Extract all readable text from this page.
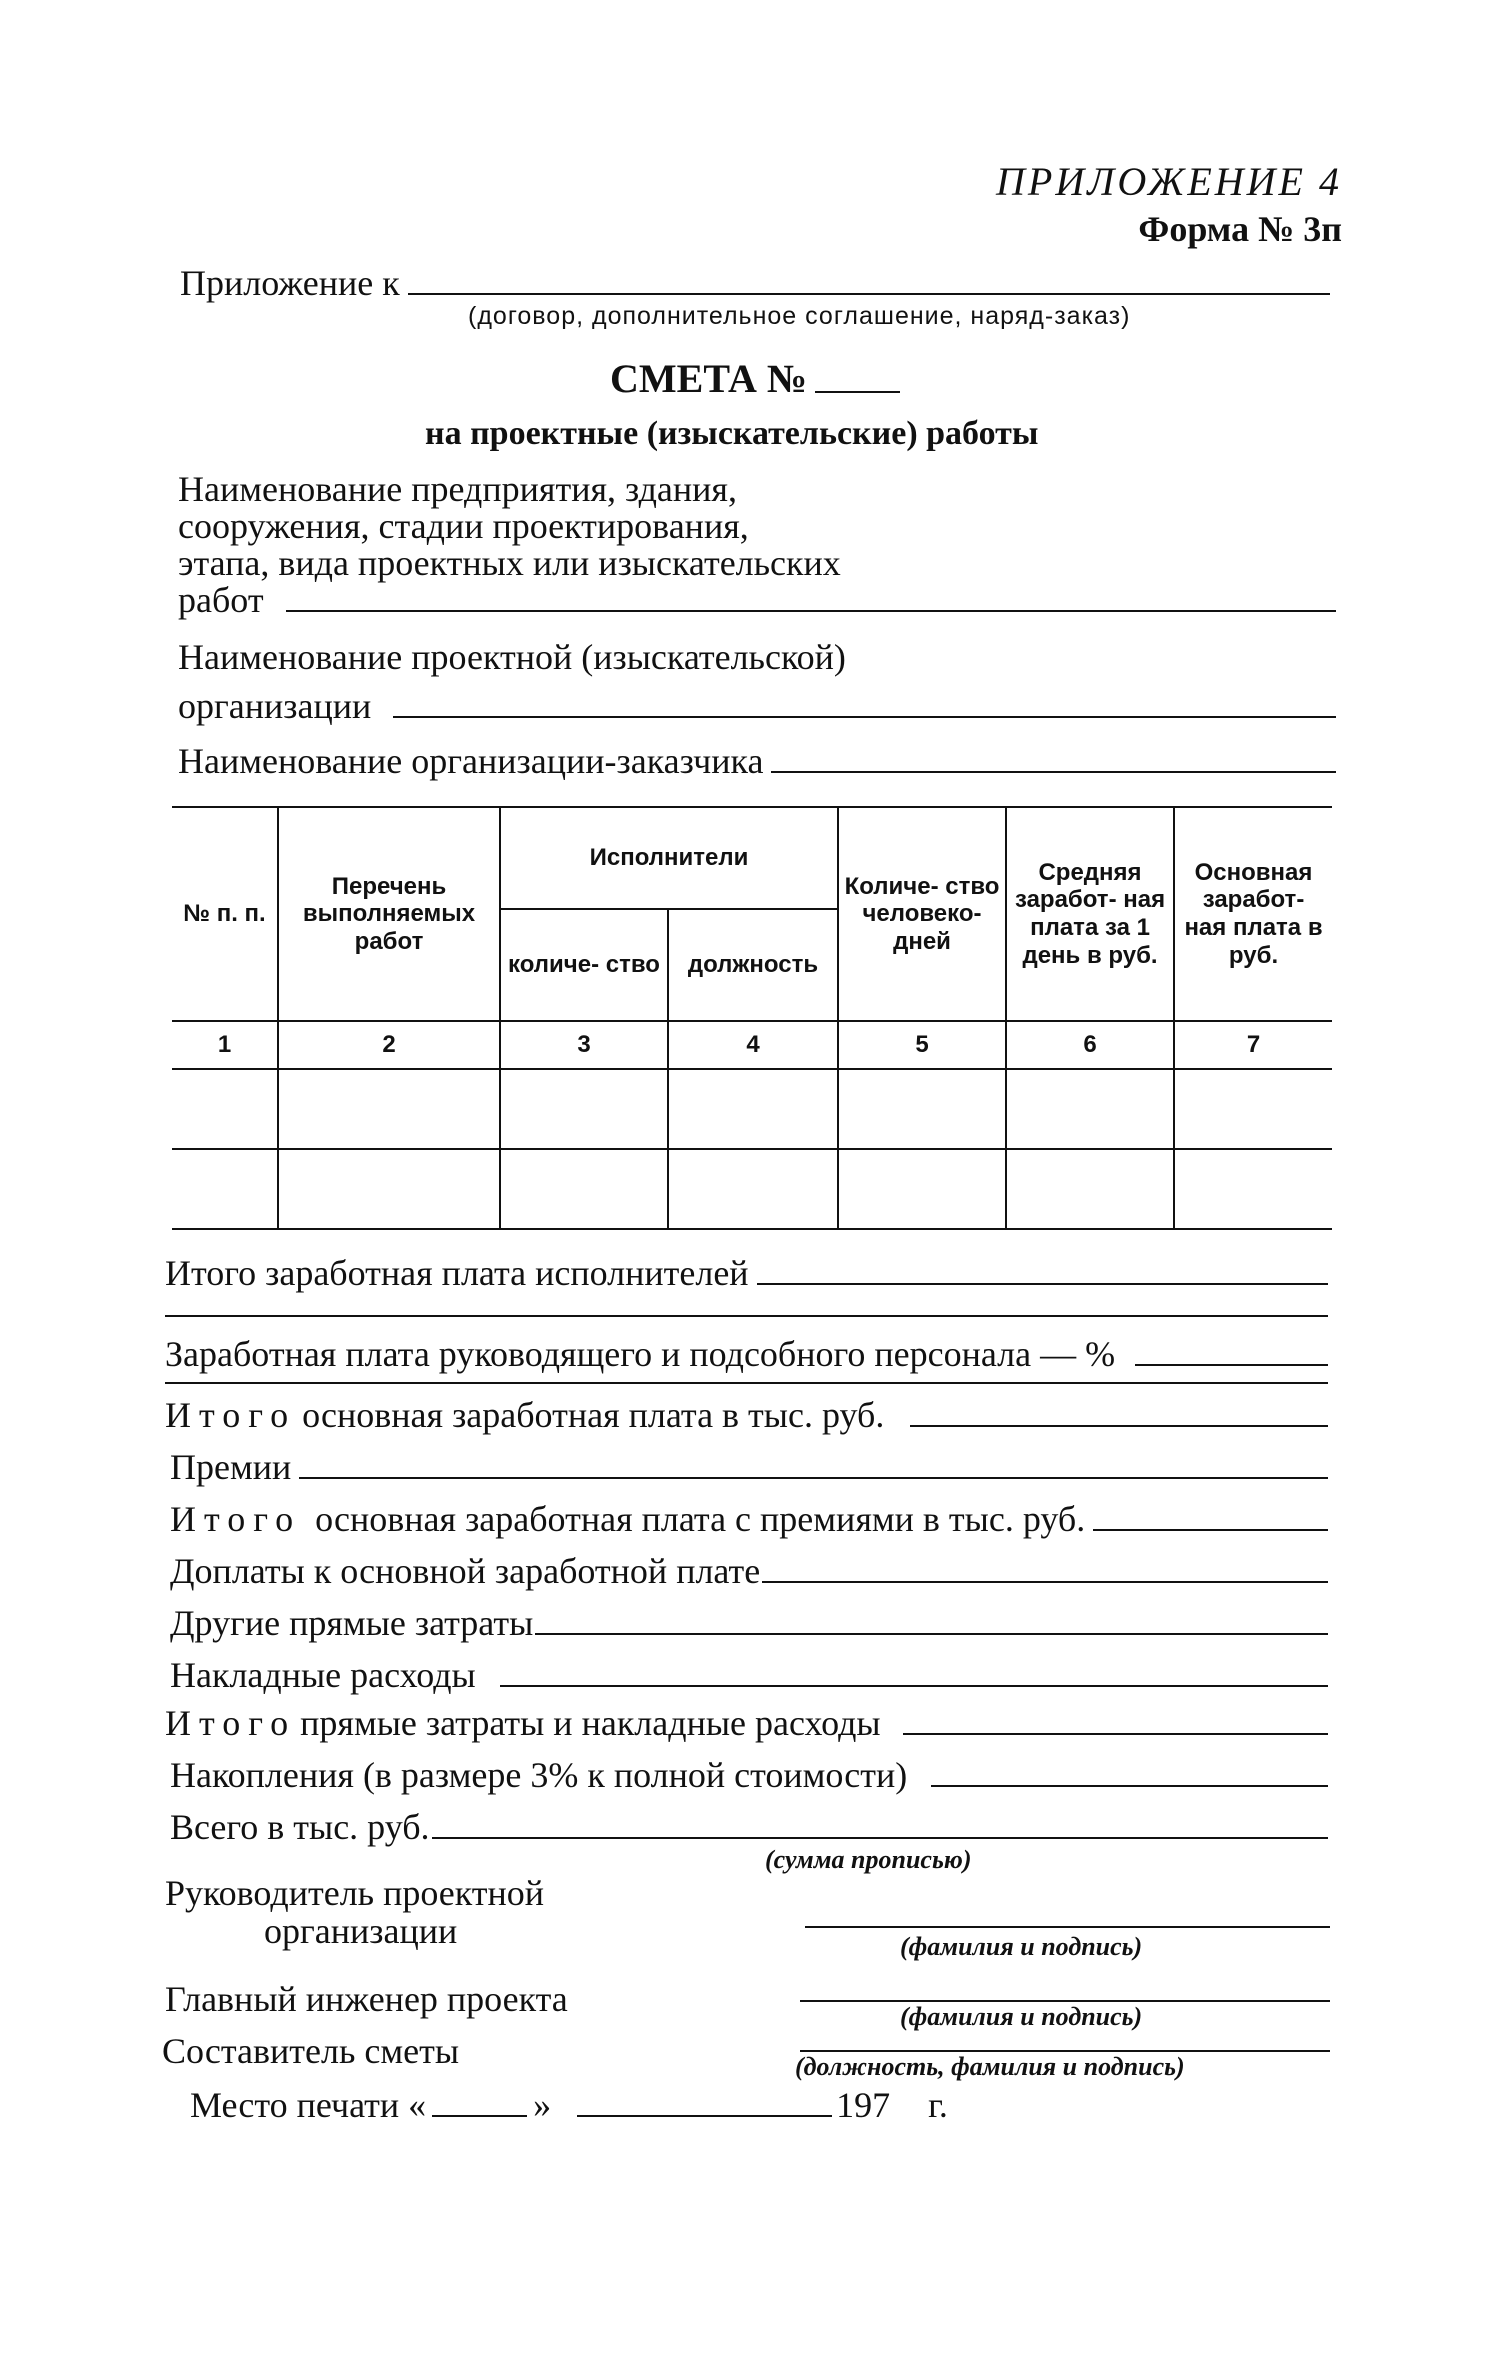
ПРИЛОЖЕНИЕ 4
Форма № 3п
Приложение к
(договор, дополнительное соглашение, наряд-заказ)
СМЕТА №
на проектные (изыскательские) работы
Наименование предприятия, здания,
сооружения, стадии проектирования,
этапа, вида проектных или изыскательских
работ
Наименование проектной (изыскательской)
организации
Наименование организации-заказчика
№ п. п.	Перечень выполняемых работ	Исполнители		Количе- ство человеко- дней	Средняя заработ- ная плата за 1 день в руб.	Основная заработ- ная плата в руб.
		количе- ство	должность			
1	2	3	4	5	6	7

Итого заработная плата исполнителей
Заработная плата руководящего и подсобного персонала — %
Итого основная заработная плата в тыс. руб.
Премии
Итого основная заработная плата с премиями в тыс. руб.
Доплаты к основной заработной плате
Другие прямые затраты
Накладные расходы
Итого прямые затраты и накладные расходы
Накопления (в размере 3% к полной стоимости)
Всего в тыс. руб.
(сумма прописью)
Руководитель проектной
организации	(фамилия и подпись)
Главный инженер проекта	(фамилия и подпись)
Составитель сметы	(должность, фамилия и подпись)
Место печати «	»	197 г.
